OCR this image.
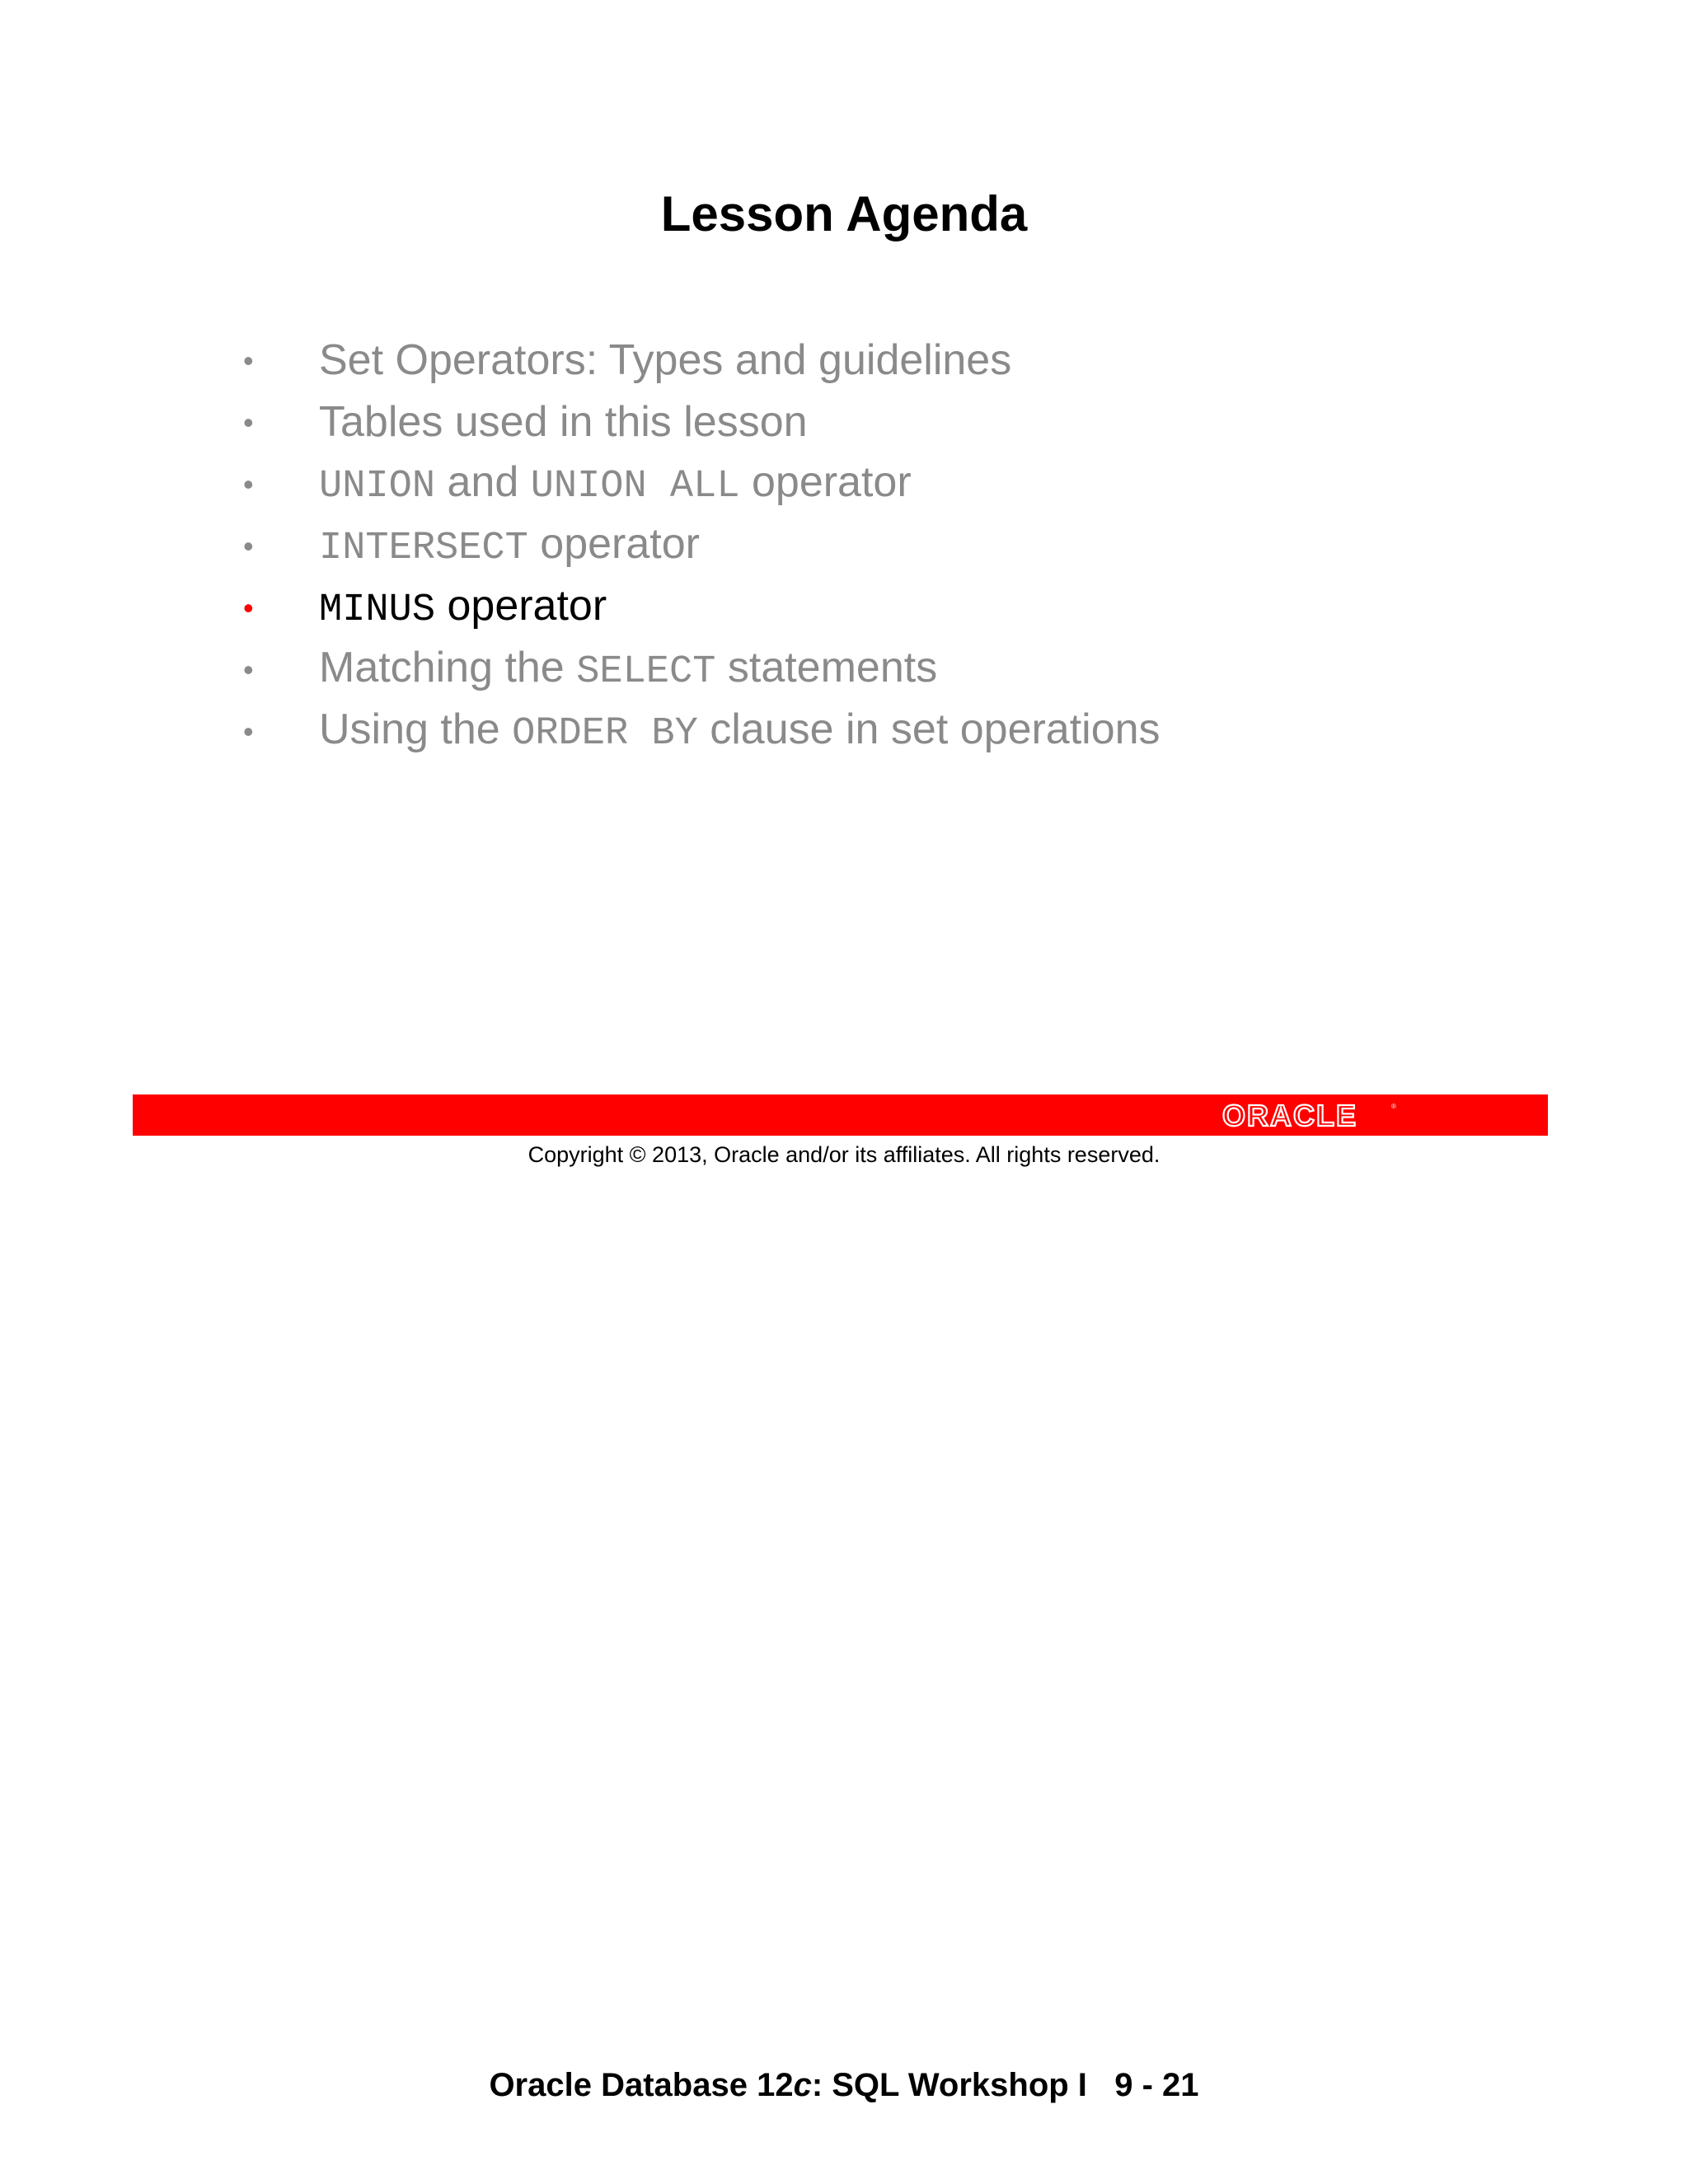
Lesson Agenda
•	Set Operators: Types and guidelines
•	Tables used in this lesson
•	UNION and UNION ALL operator
•	INTERSECT operator
•	MINUS operator
•	Matching the SELECT statements
•	Using the ORDER BY clause in set operations
ORACLE	®
Copyright © 2013, Oracle and/or its affiliates. All rights reserved.
Oracle Database 12c: SQL Workshop I 9 - 21
